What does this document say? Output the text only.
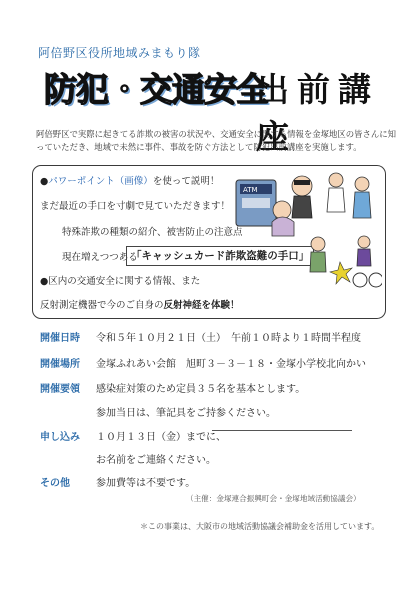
阿倍野区役所地域みまもり隊
防犯・交通安全
出前講座
阿倍野区で実際に起きてる詐欺の被害の状況や、交通安全に関する情報を金塚地区の皆さんに知っていただき、地域で未然に事件、事故を防ぐ方法として防犯出前講座を実施します。
●パワーポイント（画像）を使って説明！
まだ最近の手口を寸劇で見ていただきます！
特殊詐欺の種類の紹介、被害防止の注意点
現在増えつつある
「キャッシュカード詐欺盗難の手口」
●区内の交通安全に関する情報、また
反射測定機器で今のご自身の反射神経を体験！
ATM
開催日時 令和５年１０月２１日（土）　午前１０時より１時間半程度
開催場所 金塚ふれあい会館　旭町３－３－１８・金塚小学校北向かい
開催要領 感染症対策のため定員３５名を基本とします。
参加当日は、筆記具をご持参ください。
申し込み １０月１３日（金）までに、
お名前をご連絡ください。
その他	参加費等は不要です。
（主催：金塚連合振興町会・金塚地域活動協議会）
＊この事業は、大阪市の地域活動協議会補助金を活用しています。
